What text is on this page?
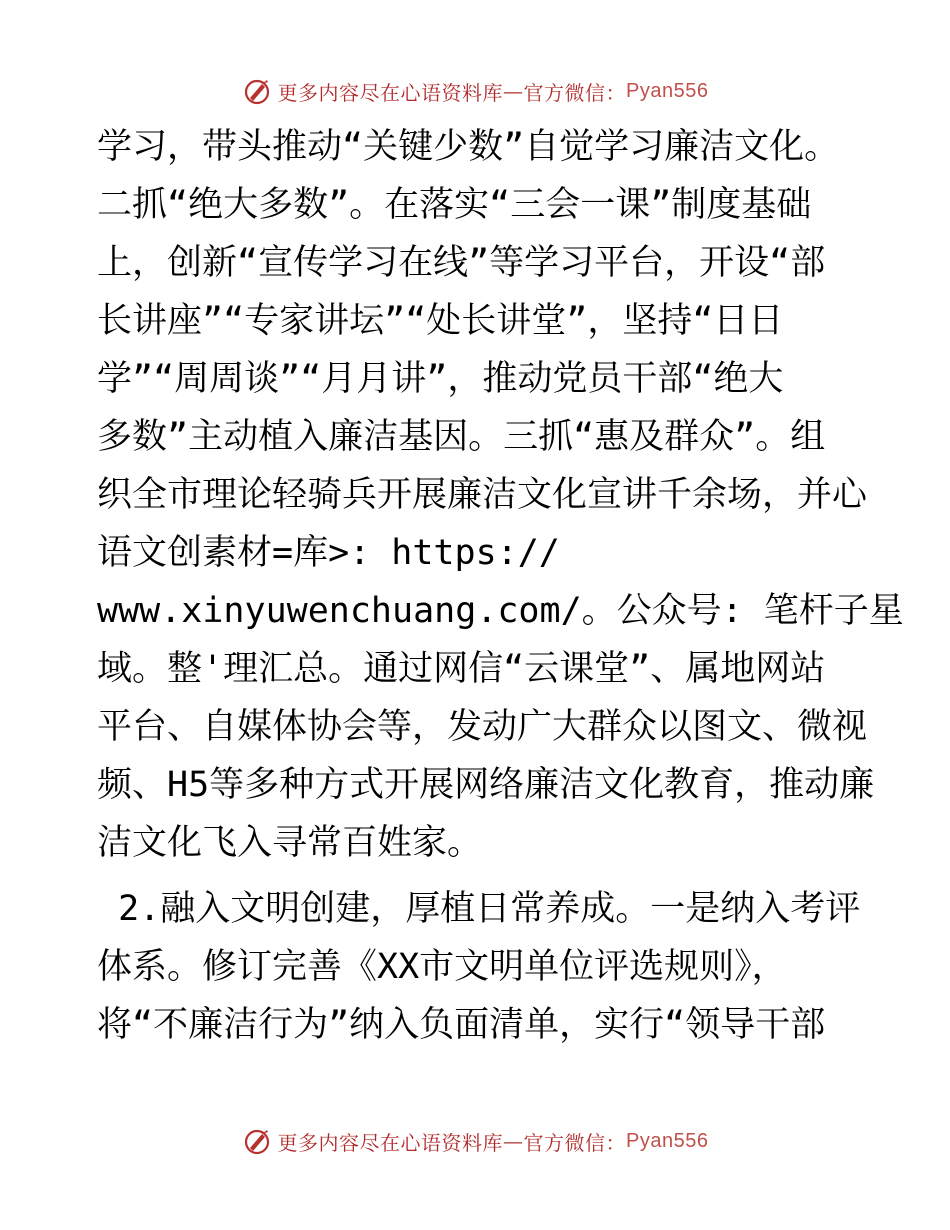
更多内容尽在心语资料库 — 官方微信： Pyan556
学习，带头推动“关键少数”自觉学习廉洁文化。
二抓“绝大多数”。在落实“三会一课”制度基础
上，创新“宣传学习在线”等学习平台，开设“部
长讲座”“专家讲坛”“处长讲堂”，坚持“日日
学”“周周谈”“月月讲”，推动党员干部“绝大
多数”主动植入廉洁基因。三抓“惠及群众”。组
织全市理论轻骑兵开展廉洁文化宣讲千余场，并心
语文创素材=库>: https://
www.xinyuwenchuang.com/。公众号: 笔杆子星
域。整'理汇总。通过网信“云课堂”、属地网站
平台、自媒体协会等，发动广大群众以图文、微视
频、H5等多种方式开展网络廉洁文化教育，推动廉
洁文化飞入寻常百姓家。
2.融入文明创建，厚植日常养成。一是纳入考评
体系。修订完善《XX市文明单位评选规则》，
将“不廉洁行为”纳入负面清单，实行“领导干部
更多内容尽在心语资料库 — 官方微信： Pyan556
